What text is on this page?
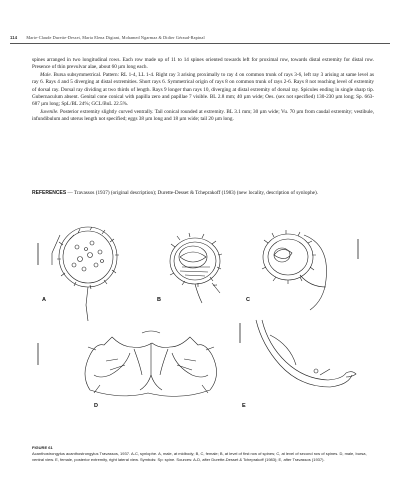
114 Marie-Claude Durette-Desset, Maria Elena Digiani, Mohamed Ngarmaz & Didier Géraud-Rapinal

spines arranged in two longitudinal rows. Each row made up of 11 to 14 spines oriented towards left for proximal row, towards distal extremity for distal row. Presence of thin prevulvar alae, about 60 µm long each.

Male. Bursa subsymmetrical. Pattern: RL 1-4, LL 1-4. Right ray 3 arising proximally to ray 4 on common trunk of rays 3-6, left ray 3 arising at same level as ray 6. Rays 4 and 5 diverging at distal extremities. Short rays 6. Symmetrical origin of rays 8 on common trunk of rays 2-6. Rays 8 not reaching level of extremity of dorsal ray. Dorsal ray dividing at two thirds of length. Rays 9 longer than rays 10, diverging at distal extremity of dorsal ray. Spicules ending in single sharp tip. Gubernaculum absent. Genital cone conical with papilla zero and papillae 7 visible. BL 2.8 mm; 40 µm wide; Oes. (sex not specified) 130-230 µm long; Sp. 663-687 µm long; SpL/BL 24%; GCL/BuL 22.5%.

Juvenile. Posterior extremity slightly curved ventrally. Tail conical rounded at extremity. BL 3.1 mm; 30 µm wide; Vu. 70 µm from caudal extremity; vestibule, infundibulum and uterus length not specified; eggs 38 µm long and 18 µm wide; tail 20 µm long.

REFERENCES — Travassos (1937) (original description); Durette-Desset & Tcheprakoff (1983) (new locality, description of synlophe).
A	B	C
D	E
spl
FIGURE 61
Acanthostrongylus acanthostrongylus Travassos, 1937. A-C, synlophe. A, male, at midbody; B, C, female; B, at level of first row of spines; C, at level of second row of spines. D, male, bursa, ventral view. E, female, posterior extremity, right lateral view. Symbols: Sp: spine. Sources: A-D, after Durette-Desset & Tcheprakoff (1983); E, after Travassos (1937).
